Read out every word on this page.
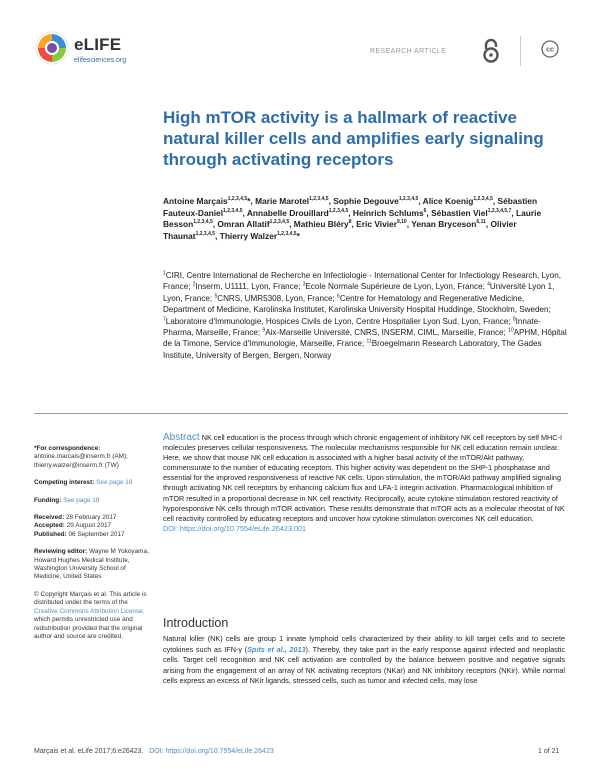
eLIFE
elifesciences.org
RESEARCH ARTICLE	cc
High mTOR activity is a hallmark of reactive natural killer cells and amplifies early signaling through activating receptors
Antoine Marçais$^{1,2,3,4,5}$*, Marie Marotel$^{1,2,3,4,5}$, Sophie Degouve$^{1,2,3,4,5}$, Alice Koenig$^{1,2,3,4,5}$, Sébastien Fauteux-Daniel$^{1,2,3,4,5}$, Annabelle Drouillard$^{1,2,3,4,5}$, Heinrich Schlums$^6$, Sébastien Viel$^{1,2,3,4,5,7}$, Laurie Besson$^{1,2,3,4,5}$, Omran Allatif$^{1,2,3,4,5}$, Mathieu Bléry$^8$, Eric Vivier$^{9,10}$, Yenan Bryceson$^{6,11}$, Olivier Thaunat$^{1,2,3,4,5}$, Thierry Walzer$^{1,2,3,4,5}$*
$^1$CIRI, Centre International de Recherche en Infectiologie - International Center for Infectiology Research, Lyon, France; $^2$Inserm, U1111, Lyon, France; $^3$Ecole Normale Supérieure de Lyon, Lyon, France; $^4$Université Lyon 1, Lyon, France; $^5$CNRS, UMR5308, Lyon, France; $^6$Centre for Hematology and Regenerative Medicine, Department of Medicine, Karolinska Institutet, Karolinska University Hospital Huddinge, Stockholm, Sweden; $^7$Laboratoire d'Immunologie, Hospices Civils de Lyon, Centre Hospitalier Lyon Sud, Lyon, France; $^8$Innate-Pharma, Marseille, France; $^9$Aix-Marseille Université, CNRS, INSERM, CIML, Marseille, France; $^{10}$APHM, Hôpital de la Timone, Service d'Immunologie, Marseille, France; $^{11}$Broegelmann Research Laboratory, The Gades Institute, University of Bergen, Bergen, Norway
*For correspondence:
antoine.marcais@inserm.fr (AM);
thierry.walzer@inserm.fr (TW)
Competing interest: See page 18
Funding: See page 18
Received: 28 February 2017
Accepted: 29 August 2017
Published: 06 September 2017
Reviewing editor: Wayne M Yokoyama, Howard Hughes Medical Institute, Washington University School of Medicine, United States
© Copyright Marçais et al. This article is distributed under the terms of the Creative Commons Attribution License, which permits unrestricted use and redistribution provided that the original author and source are credited.
Abstract NK cell education is the process through which chronic engagement of inhibitory NK cell receptors by self MHC-I molecules preserves cellular responsiveness. The molecular mechanisms responsible for NK cell education remain unclear. Here, we show that mouse NK cell education is associated with a higher basal activity of the mTOR/Akt pathway, commensurate to the number of educating receptors. This higher activity was dependent on the SHP-1 phosphatase and essential for the improved responsiveness of reactive NK cells. Upon stimulation, the mTOR/Akt pathway amplified signaling through activating NK cell receptors by enhancing calcium flux and LFA-1 integrin activation. Pharmacological inhibition of mTOR resulted in a proportional decrease in NK cell reactivity. Reciprocally, acute cytokine stimulation restored reactivity of hyporesponsive NK cells through mTOR activation. These results demonstrate that mTOR acts as a molecular rheostat of NK cell reactivity controlled by educating receptors and uncover how cytokine stimulation overcomes NK cell education.
DOI: https://doi.org/10.7554/eLife.26423.001
Introduction
Natural killer (NK) cells are group 1 innate lymphoid cells characterized by their ability to kill target cells and to secrete cytokines such as IFN-γ (Spits et al., 2013). Thereby, they take part in the early response against infected and neoplastic cells. Target cell recognition and NK cell activation are controlled by the balance between positive and negative signals arising from the engagement of an array of NK activating receptors (NKar) and NK inhibitory receptors (NKir). While normal cells express an excess of NKir ligands, stressed cells, such as tumor and infected cells, may lose
Marçais et al. eLife 2017;6:e26423. DOI: https://doi.org/10.7554/eLife.26423	1 of 21
